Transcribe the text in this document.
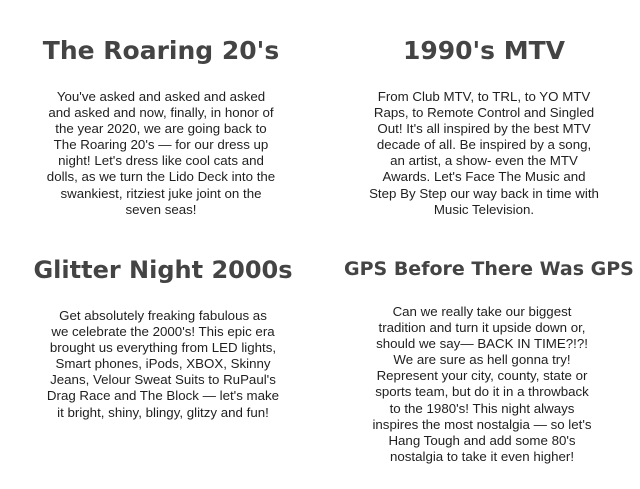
The Roaring 20's

You've asked and asked and asked
and asked and now, finally, in honor of
the year 2020, we are going back to
The Roaring 20's — for our dress up
night! Let's dress like cool cats and
dolls, as we turn the Lido Deck into the
swankiest, ritziest juke joint on the
seven seas!

1990's MTV

From Club MTV, to TRL, to YO MTV
Raps, to Remote Control and Singled
Out! It's all inspired by the best MTV
decade of all. Be inspired by a song,
an artist, a show- even the MTV
Awards. Let's Face The Music and
Step By Step our way back in time with
Music Television.

Glitter Night 2000s

Get absolutely freaking fabulous as
we celebrate the 2000's! This epic era
brought us everything from LED lights,
Smart phones, iPods, XBOX, Skinny
Jeans, Velour Sweat Suits to RuPaul's
Drag Race and The Block — let's make
it bright, shiny, blingy, glitzy and fun!

GPS Before There Was GPS

Can we really take our biggest
tradition and turn it upside down or,
should we say— BACK IN TIME?!?!
We are sure as hell gonna try!
Represent your city, county, state or
sports team, but do it in a throwback
to the 1980's! This night always
inspires the most nostalgia — so let's
Hang Tough and add some 80's
nostalgia to take it even higher!
